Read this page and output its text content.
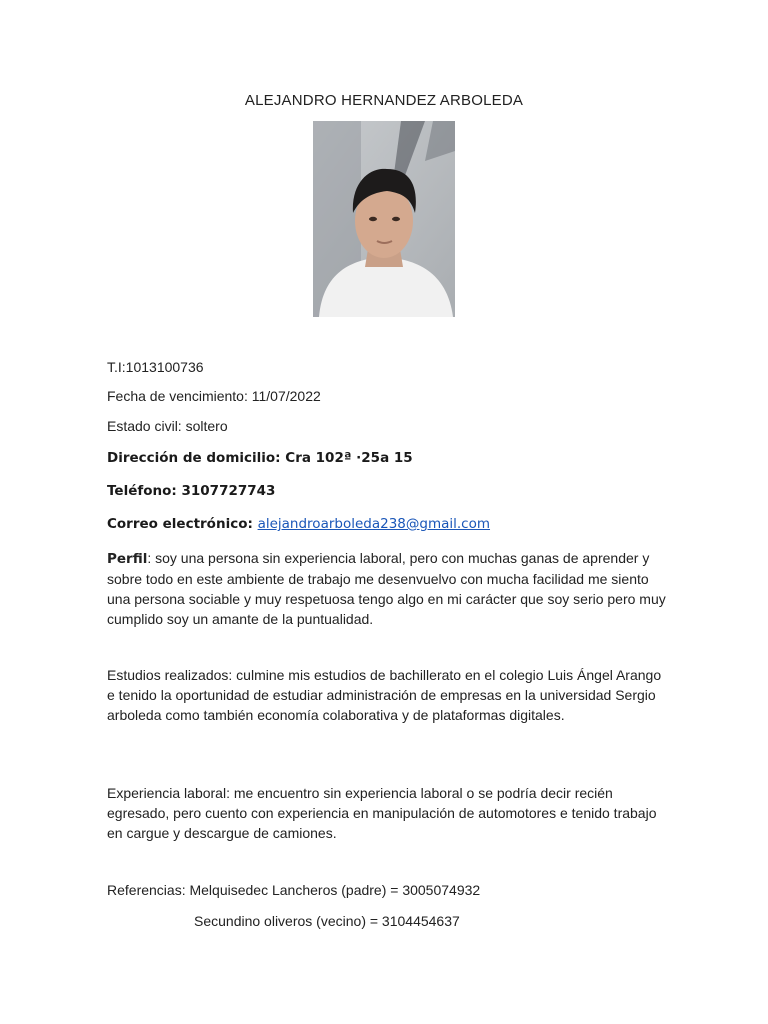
ALEJANDRO HERNANDEZ ARBOLEDA
T.I:1013100736
Fecha de vencimiento: 11/07/2022
Estado civil: soltero
Dirección de domicilio: Cra 102ª ·25a 15
Teléfono: 3107727743
Correo electrónico: alejandroarboleda238@gmail.com
Perfil: soy una persona sin experiencia laboral, pero con muchas ganas de aprender y sobre todo en este ambiente de trabajo me desenvuelvo con mucha facilidad me siento una persona sociable y muy respetuosa tengo algo en mi carácter que soy serio pero muy cumplido soy un amante de la puntualidad.
Estudios realizados: culmine mis estudios de bachillerato en el colegio Luis Ángel Arango e tenido la oportunidad de estudiar administración de empresas en la universidad Sergio arboleda como también economía colaborativa y de plataformas digitales.
Experiencia laboral: me encuentro sin experiencia laboral o se podría decir recién egresado, pero cuento con experiencia en manipulación de automotores e tenido trabajo en cargue y descargue de camiones.
Referencias: Melquisedec Lancheros (padre) = 3005074932
Secundino oliveros (vecino) = 3104454637
